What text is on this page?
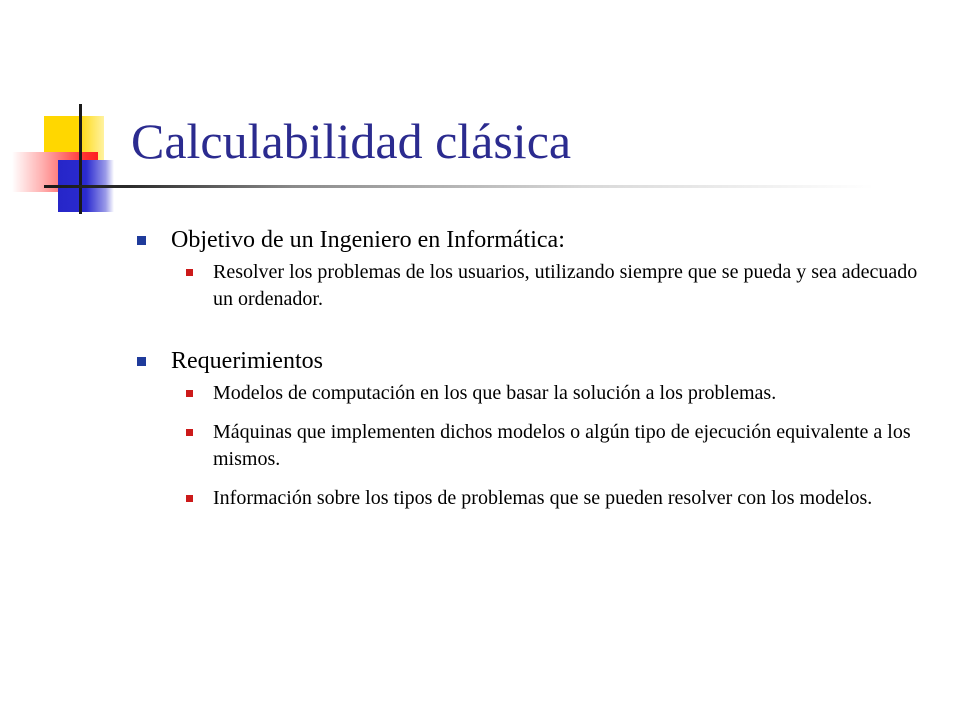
Calculabilidad clásica
Objetivo de un Ingeniero en Informática:
Resolver los problemas de los usuarios, utilizando siempre que se pueda y sea adecuado un ordenador.
Requerimientos
Modelos de computación en los que basar la solución a los problemas.
Máquinas que implementen dichos modelos o algún tipo de ejecución equivalente a los mismos.
Información sobre los tipos de problemas que se pueden resolver con los modelos.
